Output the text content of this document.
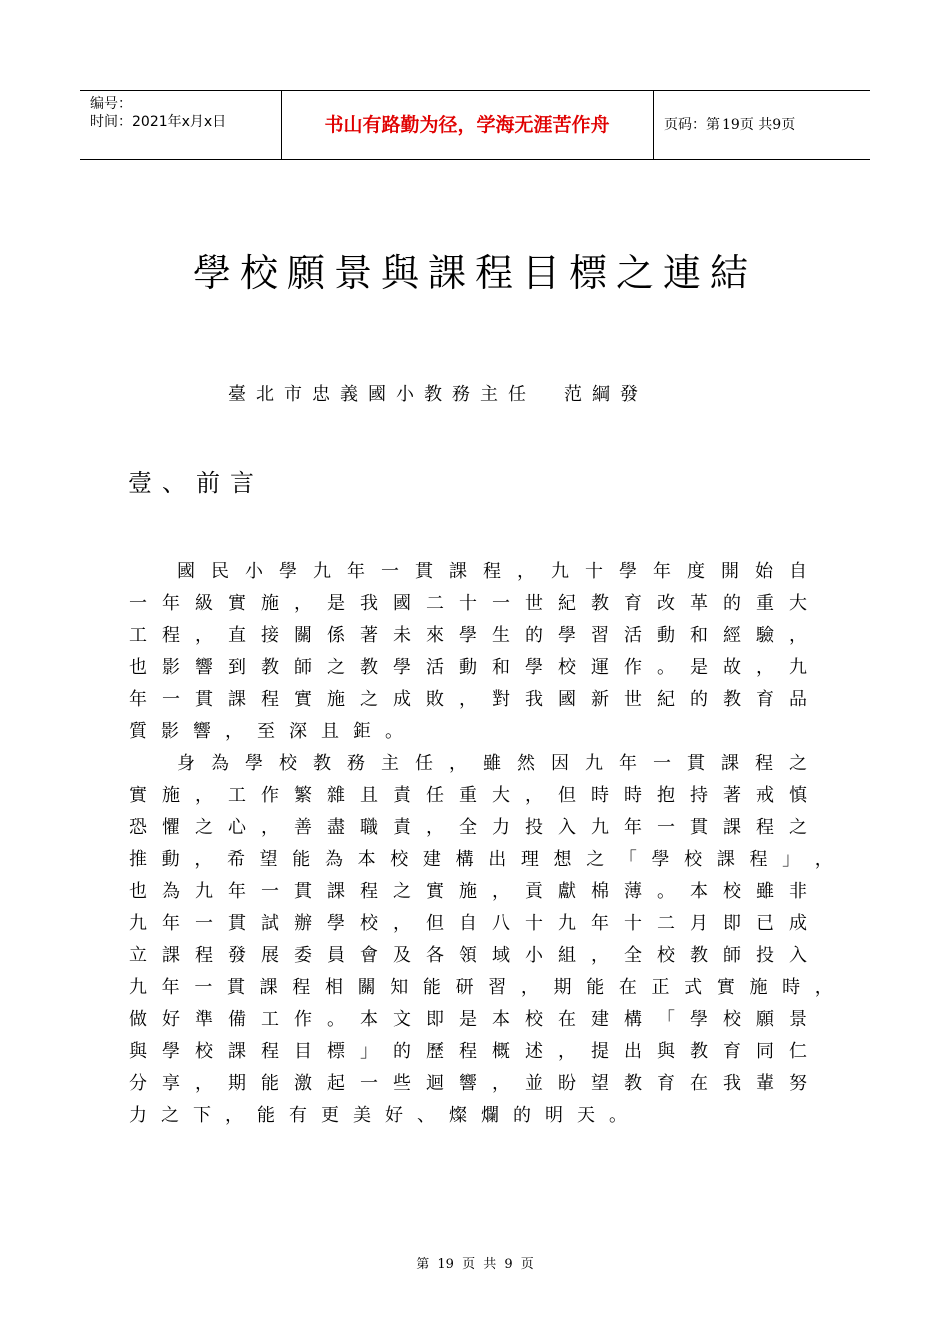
编号：
时间：2021年x月x日	书山有路勤为径，学海无涯苦作舟	页码：第 19页 共9页
學校願景與課程目標之連結
臺北市忠義國小教務主任 范綱發
壹、前言
國 民 小 學 九 年 一 貫 課 程 ， 九 十 學 年 度 開 始 自
一 年 級 實 施 ， 是 我 國 二 十 一 世 紀 教 育 改 革 的 重 大
工 程 ， 直 接 關 係 著 未 來 學 生 的 學 習 活 動 和 經 驗 ，
也 影 響 到 教 師 之 教 學 活 動 和 學 校 運 作 。 是 故 ， 九
年 一 貫 課 程 實 施 之 成 敗 ， 對 我 國 新 世 紀 的 教 育 品
質 影 響 ， 至 深 且 鉅 。
身 為 學 校 教 務 主 任 ， 雖 然 因 九 年 一 貫 課 程 之
實 施 ， 工 作 繁 雜 且 責 任 重 大 ， 但 時 時 抱 持 著 戒 慎
恐 懼 之 心 ， 善 盡 職 責 ， 全 力 投 入 九 年 一 貫 課 程 之
推 動 ， 希 望 能 為 本 校 建 構 出 理 想 之 「 學 校 課 程 」 ，
也 為 九 年 一 貫 課 程 之 實 施 ， 貢 獻 棉 薄 。 本 校 雖 非
九 年 一 貫 試 辦 學 校 ， 但 自 八 十 九 年 十 二 月 即 已 成
立 課 程 發 展 委 員 會 及 各 領 域 小 組 ， 全 校 教 師 投 入
九 年 一 貫 課 程 相 關 知 能 研 習 ， 期 能 在 正 式 實 施 時 ，
做 好 準 備 工 作 。 本 文 即 是 本 校 在 建 構 「 學 校 願 景
與 學 校 課 程 目 標 」 的 歷 程 概 述 ， 提 出 與 教 育 同 仁
分 享 ， 期 能 激 起 一 些 迴 響 ， 並 盼 望 教 育 在 我 輩 努
力 之 下 ， 能 有 更 美 好 、 燦 爛 的 明 天 。
第 19 页 共 9 页
